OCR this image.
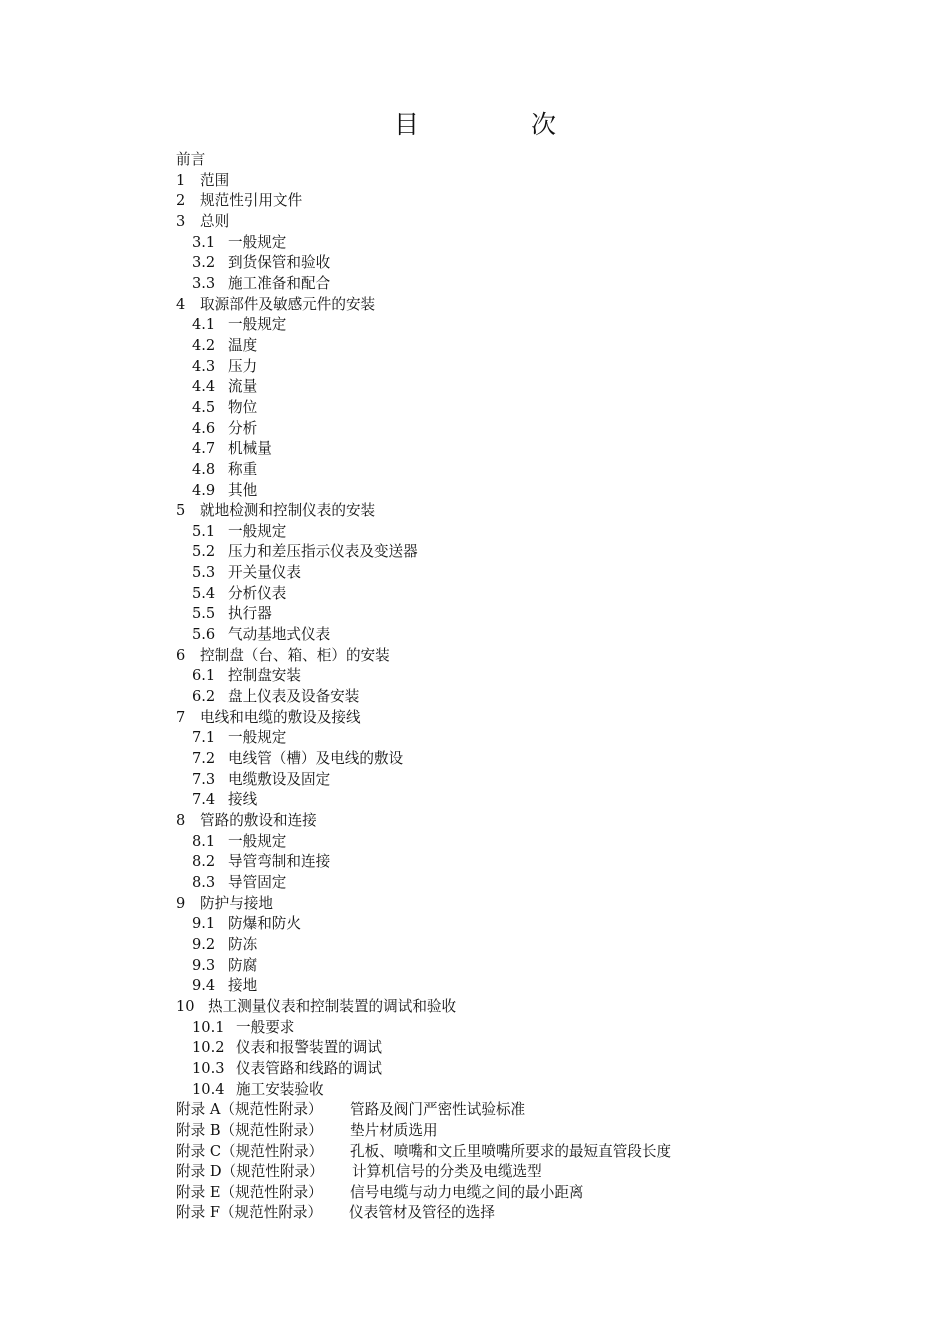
目 次
前言
1	范围
2	规范性引用文件
3	总则
3.1 一般规定
3.2 到货保管和验收
3.3 施工准备和配合
4	取源部件及敏感元件的安装
4.1 一般规定
4.2 温度
4.3 压力
4.4 流量
4.5 物位
4.6 分析
4.7 机械量
4.8 称重
4.9 其他
5	就地检测和控制仪表的安装
5.1 一般规定
5.2 压力和差压指示仪表及变送器
5.3 开关量仪表
5.4 分析仪表
5.5 执行器
5.6 气动基地式仪表
6	控制盘（台、箱、柜）的安装
6.1 控制盘安装
6.2 盘上仪表及设备安装
7	电线和电缆的敷设及接线
7.1 一般规定
7.2 电线管（槽）及电线的敷设
7.3 电缆敷设及固定
7.4 接线
8	管路的敷设和连接
8.1 一般规定
8.2 导管弯制和连接
8.3 导管固定
9	防护与接地
9.1 防爆和防火
9.2 防冻
9.3 防腐
9.4 接地
10 热工测量仪表和控制装置的调试和验收
10.1 一般要求
10.2 仪表和报警装置的调试
10.3 仪表管路和线路的调试
10.4 施工安装验收
附录 A（规范性附录）	管路及阀门严密性试验标准
附录 B（规范性附录）	垫片材质选用
附录 C（规范性附录）	孔板、喷嘴和文丘里喷嘴所要求的最短直管段长度
附录 D（规范性附录）	计算机信号的分类及电缆选型
附录 E（规范性附录）	信号电缆与动力电缆之间的最小距离
附录 F（规范性附录）	仪表管材及管径的选择
